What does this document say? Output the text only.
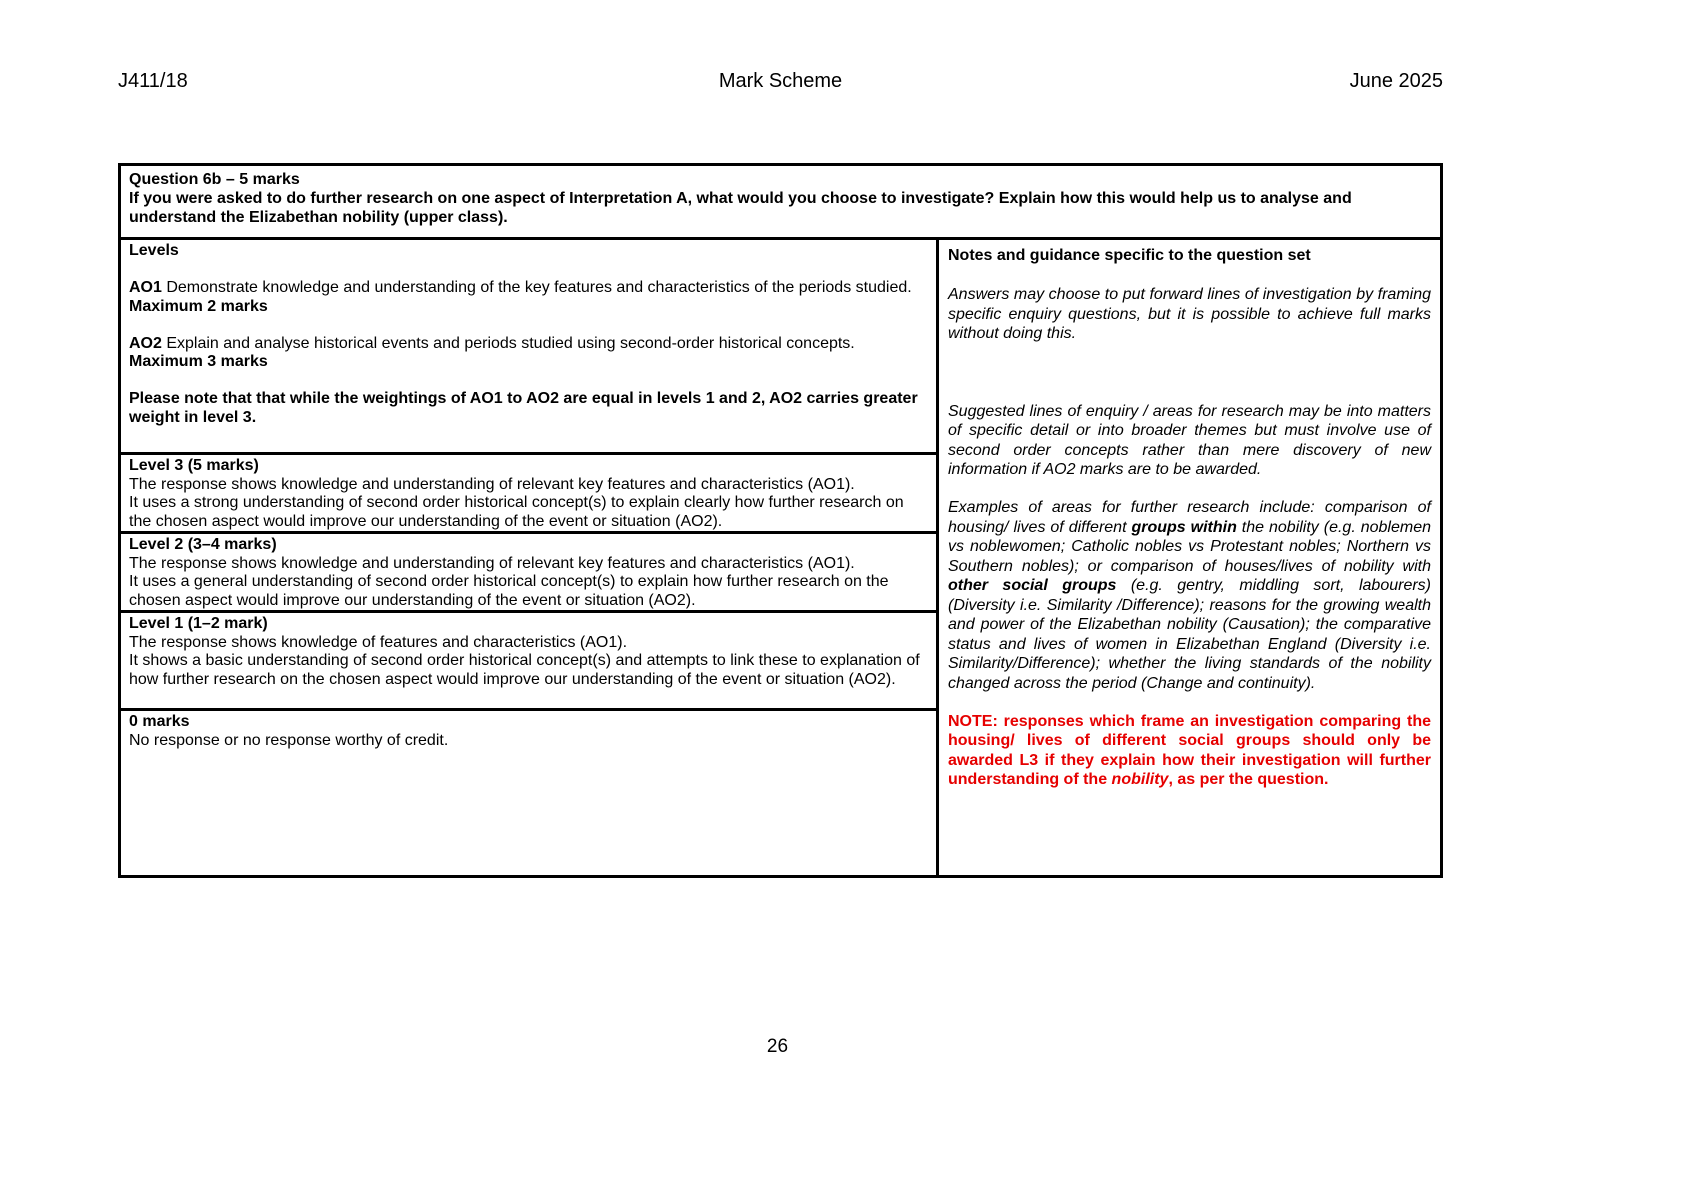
J411/18	Mark Scheme	June 2025
Question 6b – 5 marks
If you were asked to do further research on one aspect of Interpretation A, what would you choose to investigate? Explain how this would help us to analyse and understand the Elizabethan nobility (upper class).
Levels

AO1 Demonstrate knowledge and understanding of the key features and characteristics of the periods studied. Maximum 2 marks

AO2 Explain and analyse historical events and periods studied using second-order historical concepts. Maximum 3 marks

Please note that that while the weightings of AO1 to AO2 are equal in levels 1 and 2, AO2 carries greater weight in level 3.

Level 3 (5 marks)
The response shows knowledge and understanding of relevant key features and characteristics (AO1).
It uses a strong understanding of second order historical concept(s) to explain clearly how further research on the chosen aspect would improve our understanding of the event or situation (AO2).
Level 2 (3–4 marks)
The response shows knowledge and understanding of relevant key features and characteristics (AO1).
It uses a general understanding of second order historical concept(s) to explain how further research on the chosen aspect would improve our understanding of the event or situation (AO2).
Level 1 (1–2 mark)
The response shows knowledge of features and characteristics (AO1).
It shows a basic understanding of second order historical concept(s) and attempts to link these to explanation of how further research on the chosen aspect would improve our understanding of the event or situation (AO2).
0 marks
No response or no response worthy of credit.
Notes and guidance specific to the question set

Answers may choose to put forward lines of investigation by framing specific enquiry questions, but it is possible to achieve full marks without doing this.

Suggested lines of enquiry / areas for research may be into matters of specific detail or into broader themes but must involve use of second order concepts rather than mere discovery of new information if AO2 marks are to be awarded.

Examples of areas for further research include: comparison of housing/ lives of different groups within the nobility (e.g. noblemen vs noblewomen; Catholic nobles vs Protestant nobles; Northern vs Southern nobles); or comparison of houses/lives of nobility with other social groups (e.g. gentry, middling sort, labourers) (Diversity i.e. Similarity /Difference); reasons for the growing wealth and power of the Elizabethan nobility (Causation); the comparative status and lives of women in Elizabethan England (Diversity i.e. Similarity/Difference); whether the living standards of the nobility changed across the period (Change and continuity).

NOTE: responses which frame an investigation comparing the housing/ lives of different social groups should only be awarded L3 if they explain how their investigation will further understanding of the nobility, as per the question.

26
